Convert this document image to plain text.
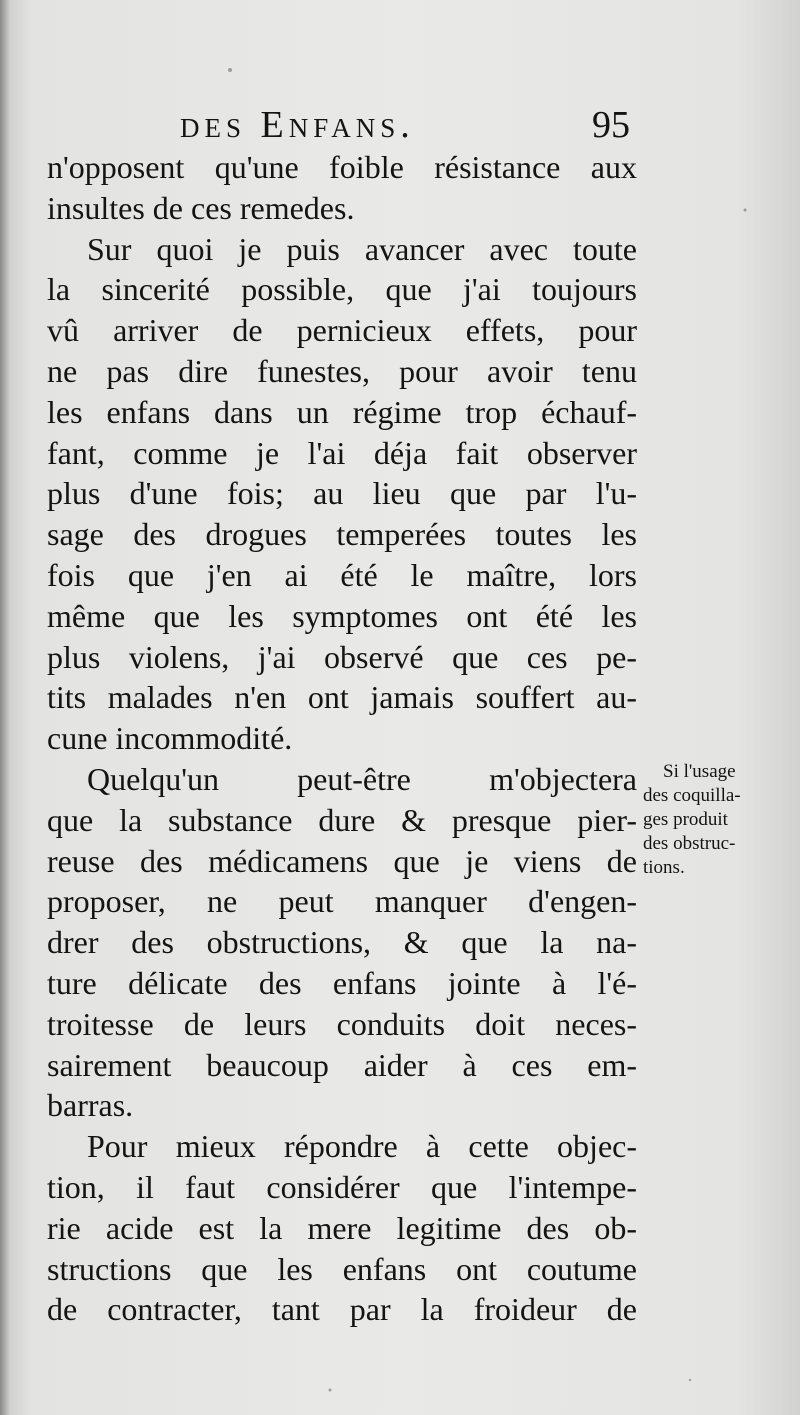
des Enfans.	95
n'opposent qu'une foible résistance aux
insultes de ces remedes.
Sur quoi je puis avancer avec toute
la sincerité possible, que j'ai toujours
vû arriver de pernicieux effets, pour
ne pas dire funestes, pour avoir tenu
les enfans dans un régime trop échauf-
fant, comme je l'ai déja fait observer
plus d'une fois; au lieu que par l'u-
sage des drogues temperées toutes les
fois que j'en ai été le maître, lors
même que les symptomes ont été les
plus violens, j'ai observé que ces pe-
tits malades n'en ont jamais souffert au-
cune incommodité.
Quelqu'un peut-être m'objectera
que la substance dure & presque pier-
reuse des médicamens que je viens de
proposer, ne peut manquer d'engen-
drer des obstructions, & que la na-
ture délicate des enfans jointe à l'é-
troitesse de leurs conduits doit neces-
sairement beaucoup aider à ces em-
barras.
Pour mieux répondre à cette objec-
tion, il faut considérer que l'intempe-
rie acide est la mere legitime des ob-
structions que les enfans ont coutume
de contracter, tant par la froideur de
Si l'usage
des coquilla-
ges produit
des obstruc-
tions.
